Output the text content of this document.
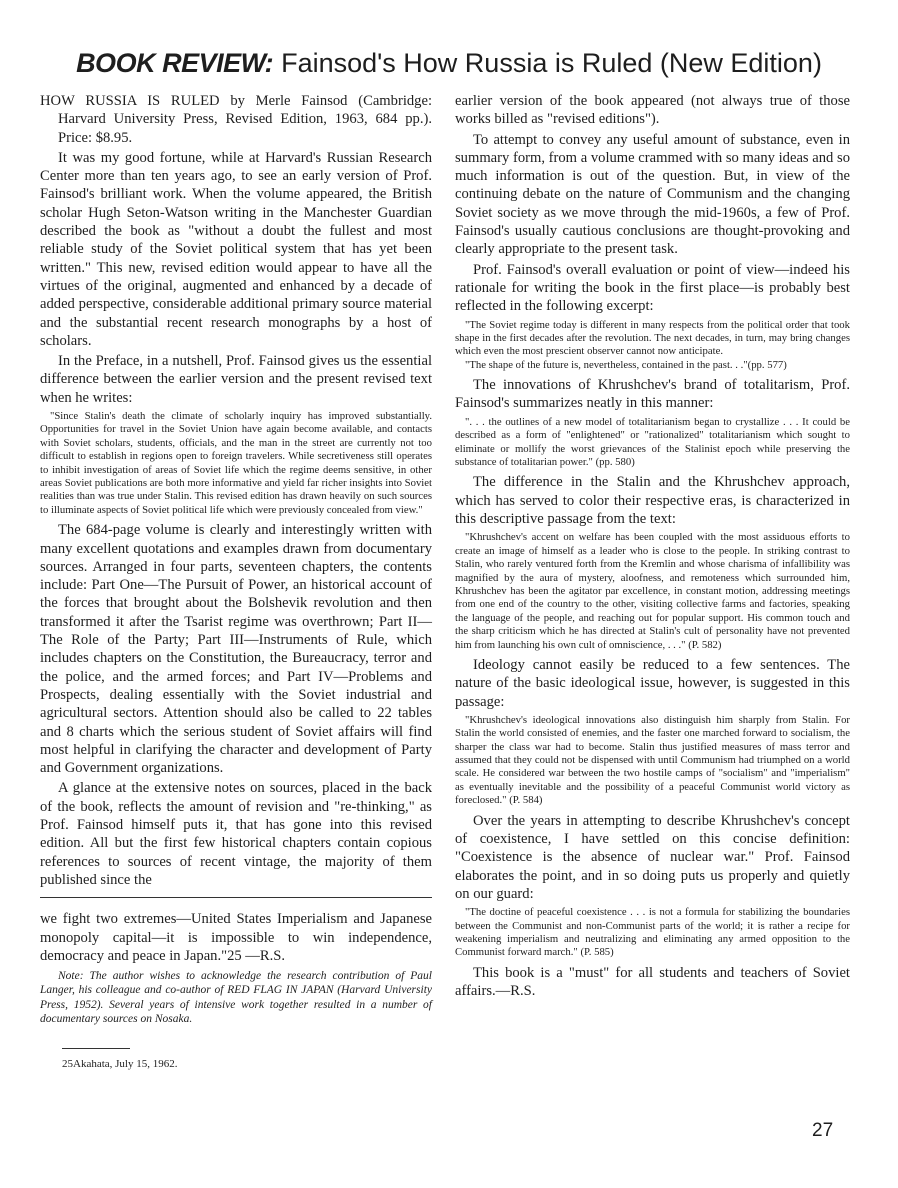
BOOK REVIEW: Fainsod's How Russia is Ruled (New Edition)

HOW RUSSIA IS RULED by Merle Fainsod (Cambridge: Harvard University Press, Revised Edition, 1963, 684 pp.). Price: $8.95.

It was my good fortune, while at Harvard's Russian Research Center more than ten years ago, to see an early version of Prof. Fainsod's brilliant work. When the volume appeared, the British scholar Hugh Seton-Watson writing in the Manchester Guardian described the book as "without a doubt the fullest and most reliable study of the Soviet political system that has yet been written." This new, revised edition would appear to have all the virtues of the original, augmented and enhanced by a decade of added perspective, considerable additional primary source material and the substantial recent research monographs by a host of scholars.

In the Preface, in a nutshell, Prof. Fainsod gives us the essential difference between the earlier version and the present revised text when he writes:

"Since Stalin's death the climate of scholarly inquiry has improved substantially. Opportunities for travel in the Soviet Union have again become available, and contacts with Soviet scholars, students, officials, and the man in the street are currently not too difficult to establish in regions open to foreign travelers. While secretiveness still operates to inhibit investigation of areas of Soviet life which the regime deems sensitive, in other areas Soviet publications are both more informative and yield far richer insights into Soviet realities than was true under Stalin. This revised edition has drawn heavily on such sources to illuminate aspects of Soviet political life which were previously concealed from view."

The 684-page volume is clearly and interestingly written with many excellent quotations and examples drawn from documentary sources. Arranged in four parts, seventeen chapters, the contents include: Part One—The Pursuit of Power, an historical account of the forces that brought about the Bolshevik revolution and then transformed it after the Tsarist regime was overthrown; Part II—The Role of the Party; Part III—Instruments of Rule, which includes chapters on the Constitution, the Bureaucracy, terror and the police, and the armed forces; and Part IV—Problems and Prospects, dealing essentially with the Soviet industrial and agricultural sectors. Attention should also be called to 22 tables and 8 charts which the serious student of Soviet affairs will find most helpful in clarifying the character and development of Party and Government organizations.

A glance at the extensive notes on sources, placed in the back of the book, reflects the amount of revision and "re-thinking," as Prof. Fainsod himself puts it, that has gone into this revised edition. All but the first few historical chapters contain copious references to sources of recent vintage, the majority of them published since the

we fight two extremes—United States Imperialism and Japanese monopoly capital—it is impossible to win independence, democracy and peace in Japan."25 —R.S.

Note: The author wishes to acknowledge the research contribution of Paul Langer, his colleague and co-author of RED FLAG IN JAPAN (Harvard University Press, 1952). Several years of intensive work together resulted in a number of documentary sources on Nosaka.
25Akahata, July 15, 1962.

earlier version of the book appeared (not always true of those works billed as "revised editions").

To attempt to convey any useful amount of substance, even in summary form, from a volume crammed with so many ideas and so much information is out of the question. But, in view of the continuing debate on the nature of Communism and the changing Soviet society as we move through the mid-1960s, a few of Prof. Fainsod's usually cautious conclusions are thought-provoking and clearly appropriate to the present task.

Prof. Fainsod's overall evaluation or point of view—indeed his rationale for writing the book in the first place—is probably best reflected in the following excerpt:

"The Soviet regime today is different in many respects from the political order that took shape in the first decades after the revolution. The next decades, in turn, may bring changes which even the most prescient observer cannot now anticipate.
"The shape of the future is, nevertheless, contained in the past. . ."(pp. 577)

The innovations of Khrushchev's brand of totalitarism, Prof. Fainsod's summarizes neatly in this manner:

". . . the outlines of a new model of totalitarianism began to crystallize . . . It could be described as a form of "enlightened" or "rationalized" totalitarianism which sought to eliminate or mollify the worst grievances of the Stalinist epoch while preserving the substance of totalitarian power." (pp. 580)

The difference in the Stalin and the Khrushchev approach, which has served to color their respective eras, is characterized in this descriptive passage from the text:

"Khrushchev's accent on welfare has been coupled with the most assiduous efforts to create an image of himself as a leader who is close to the people. In striking contrast to Stalin, who rarely ventured forth from the Kremlin and whose charisma of infallibility was magnified by the aura of mystery, aloofness, and remoteness which surrounded him, Khrushchev has been the agitator par excellence, in constant motion, addressing meetings from one end of the country to the other, visiting collective farms and factories, speaking the language of the people, and reaching out for popular support. His common touch and the sharp criticism which he has directed at Stalin's cult of personality have not prevented him from launching his own cult of omniscience, . . ." (P. 582)

Ideology cannot easily be reduced to a few sentences. The nature of the basic ideological issue, however, is suggested in this passage:

"Khrushchev's ideological innovations also distinguish him sharply from Stalin. For Stalin the world consisted of enemies, and the faster one marched forward to socialism, the sharper the class war had to become. Stalin thus justified measures of mass terror and assumed that they could not be dispensed with until Communism had triumphed on a world scale. He considered war between the two hostile camps of "socialism" and "imperialism" as eventually inevitable and the possibility of a peaceful Communist world victory as foreclosed." (P. 584)

Over the years in attempting to describe Khrushchev's concept of coexistence, I have settled on this concise definition: "Coexistence is the absence of nuclear war." Prof. Fainsod elaborates the point, and in so doing puts us properly and quietly on our guard:

"The doctine of peaceful coexistence . . . is not a formula for stabilizing the boundaries between the Communist and non-Communist parts of the world; it is rather a recipe for weakening imperialism and neutralizing and eliminating any armed opposition to the Communist forward march." (P. 585)

This book is a "must" for all students and teachers of Soviet affairs.—R.S.

27
